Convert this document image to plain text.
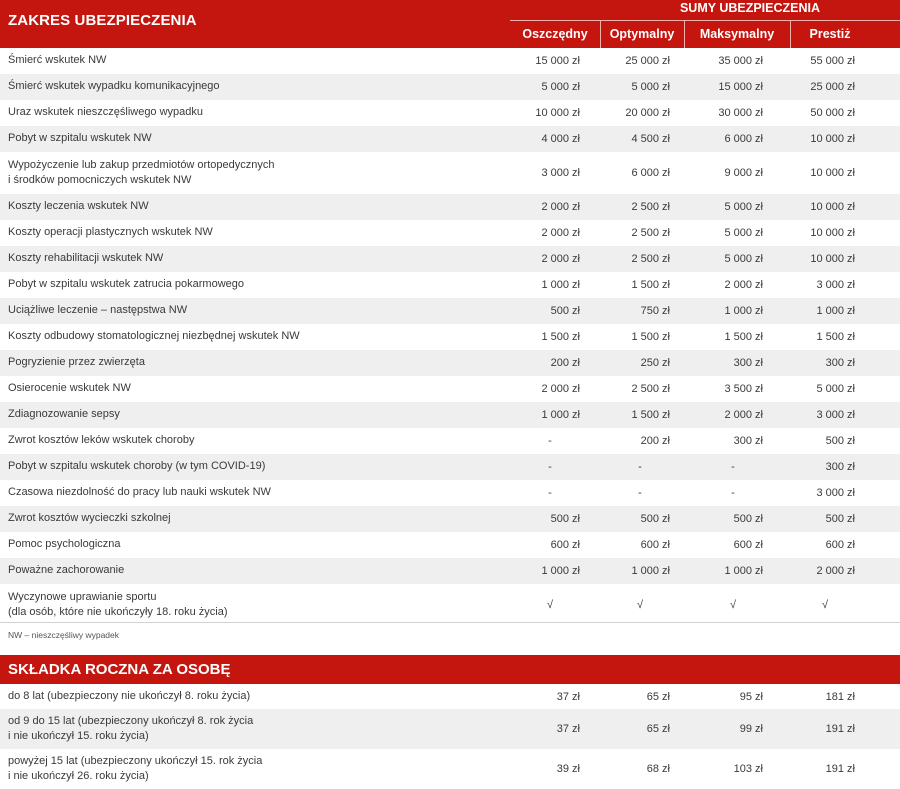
ZAKRES UBEZPIECZENIA
SUMY UBEZPIECZENIA
Oszczędny	Optymalny	Maksymalny	Prestiż
Śmierć wskutek NW	15 000 zł	25 000 zł	35 000 zł	55 000 zł
Śmierć wskutek wypadku komunikacyjnego	5 000 zł	5 000 zł	15 000 zł	25 000 zł
Uraz wskutek nieszczęśliwego wypadku	10 000 zł	20 000 zł	30 000 zł	50 000 zł
Pobyt w szpitalu wskutek NW	4 000 zł	4 500 zł	6 000 zł	10 000 zł
Wypożyczenie lub zakup przedmiotów ortopedycznych
i środków pomocniczych wskutek NW
3 000 zł	6 000 zł	9 000 zł	10 000 zł
Koszty leczenia wskutek NW	2 000 zł	2 500 zł	5 000 zł	10 000 zł
Koszty operacji plastycznych wskutek NW	2 000 zł	2 500 zł	5 000 zł	10 000 zł
Koszty rehabilitacji wskutek NW	2 000 zł	2 500 zł	5 000 zł	10 000 zł
Pobyt w szpitalu wskutek zatrucia pokarmowego	1 000 zł	1 500 zł	2 000 zł	3 000 zł
Uciążliwe leczenie – następstwa NW	500 zł	750 zł	1 000 zł	1 000 zł
Koszty odbudowy stomatologicznej niezbędnej wskutek NW	1 500 zł	1 500 zł	1 500 zł	1 500 zł
Pogryzienie przez zwierzęta	200 zł	250 zł	300 zł	300 zł
Osierocenie wskutek NW	2 000 zł	2 500 zł	3 500 zł	5 000 zł
Zdiagnozowanie sepsy	1 000 zł	1 500 zł	2 000 zł	3 000 zł
Zwrot kosztów leków wskutek choroby	-	200 zł	300 zł	500 zł
Pobyt w szpitalu wskutek choroby (w tym COVID-19)	-	-	-	300 zł
Czasowa niezdolność do pracy lub nauki wskutek NW	-	-	-	3 000 zł
Zwrot kosztów wycieczki szkolnej	500 zł	500 zł	500 zł	500 zł
Pomoc psychologiczna	600 zł	600 zł	600 zł	600 zł
Poważne zachorowanie	1 000 zł	1 000 zł	1 000 zł	2 000 zł
Wyczynowe uprawianie sportu
(dla osób, które nie ukończyły 18. roku życia)
√	√	√	√
NW – nieszczęśliwy wypadek
SKŁADKA ROCZNA ZA OSOBĘ
do 8 lat (ubezpieczony nie ukończył 8. roku życia)	37 zł	65 zł	95 zł	181 zł
od 9 do 15 lat (ubezpieczony ukończył 8. rok życia
i nie ukończył 15. roku życia)
37 zł	65 zł	99 zł	191 zł
powyżej 15 lat (ubezpieczony ukończył 15. rok życia
i nie ukończył 26. roku życia)
39 zł	68 zł	103 zł	191 zł
